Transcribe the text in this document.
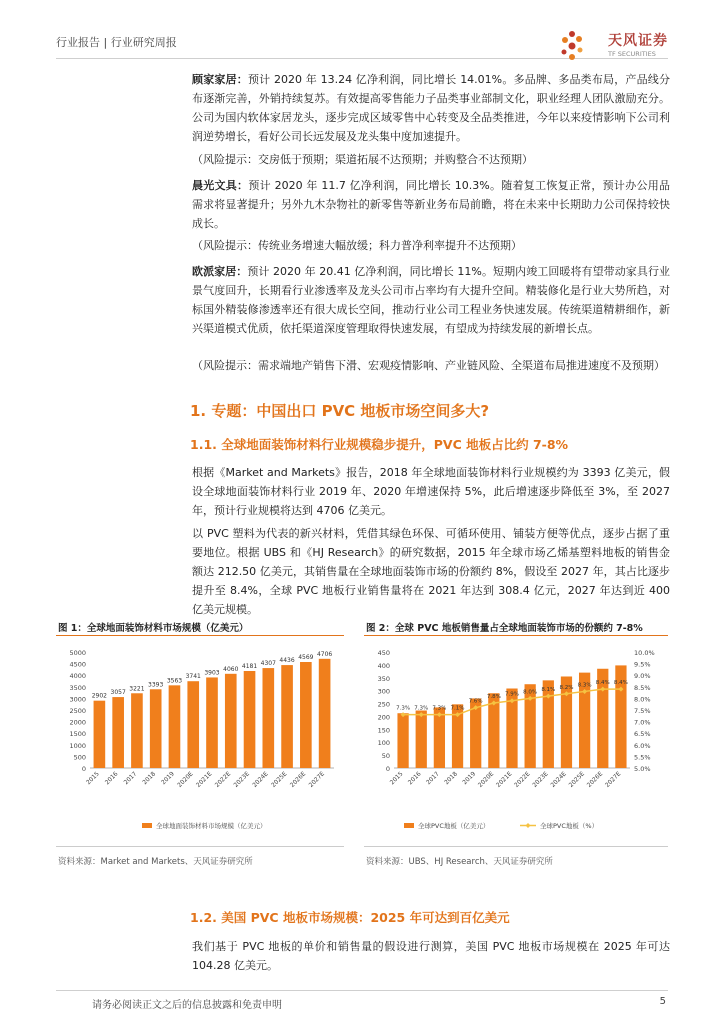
行业报告 | 行业研究周报	天风证券
TF SECURITIES
顾家家居：预计 2020 年 13.24 亿净利润，同比增长 14.01%。多品牌、多品类布局，产品线分布逐渐完善，外销持续复苏。有效提高零售能力子品类事业部制文化，职业经理人团队激励充分。公司为国内软体家居龙头，逐步完成区域零售中心转变及全品类推进，今年以来疫情影响下公司利润逆势增长，看好公司长远发展及龙头集中度加速提升。
（风险提示：交房低于预期；渠道拓展不达预期；并购整合不达预期）
晨光文具：预计 2020 年 11.7 亿净利润，同比增长 10.3%。随着复工恢复正常，预计办公用品需求将显著提升；另外九木杂物社的新零售等新业务布局前瞻，将在未来中长期助力公司保持较快成长。
（风险提示：传统业务增速大幅放缓；科力普净利率提升不达预期）
欧派家居：预计 2020 年 20.41 亿净利润，同比增长 11%。短期内竣工回暖将有望带动家具行业景气度回升，长期看行业渗透率及龙头公司市占率均有大提升空间。精装修化是行业大势所趋，对标国外精装修渗透率还有很大成长空间，推动行业公司工程业务快速发展。传统渠道精耕细作，新兴渠道模式优质，依托渠道深度管理取得快速发展，有望成为持续发展的新增长点。
（风险提示：需求端地产销售下滑、宏观疫情影响、产业链风险、全渠道布局推进速度不及预期）
1. 专题：中国出口 PVC 地板市场空间多大?
1.1. 全球地面装饰材料行业规模稳步提升，PVC 地板占比约 7-8%
根据《Market and Markets》报告，2018 年全球地面装饰材料行业规模约为 3393 亿美元，假设全球地面装饰材料行业 2019 年、2020 年增速保持 5%，此后增速逐步降低至 3%，至 2027 年，预计行业规模将达到 4706 亿美元。
以 PVC 塑料为代表的新兴材料，凭借其绿色环保、可循环使用、铺装方便等优点，逐步占据了重要地位。根据 UBS 和《HJ Research》的研究数据，2015 年全球市场乙烯基塑料地板的销售金额达 212.50 亿美元，其销售量在全球地面装饰市场的份额约 8%，假设至 2027 年，其占比逐步提升至 8.4%，全球 PVC 地板行业销售量将在 2021 年达到 308.4 亿元，2027 年达到近 400 亿美元规模。
图 1：全球地面装饰材料市场规模（亿美元）	图 2：全球 PVC 地板销售量占全球地面装饰市场的份额约 7-8%
0
500
1000
1500
2000
2500
3000
3500
4000
4500
5000
2902
2015
3057
2016
3221
2017
3393
2018
3563
2019
3741
2020E
3903
2021E
4060
2022E
4181
2023E
4307
2024E
4436
2025E
4569
2026E
4706
2027E
全球地面装饰材料市场规模（亿美元）
0
50
100
150
200
250
300
350
400
450
5.0%
5.5%
6.0%
6.5%
7.0%
7.5%
8.0%
8.5%
9.0%
9.5%
10.0%
2015 2016 2017 2018 2019 2020E 2021E 2022E 2023E 2024E 2025E 2026E 2027E
7.3% 7.3% 7.3% 7.1%
7.6%
7.8% 7.9% 8.0% 8.1% 8.2% 8.3% 8.4% 8.4%
全球PVC地板（亿美元）	全球PVC地板（%）
资料来源：Market and Markets、天风证券研究所	资料来源：UBS、HJ Research、天风证券研究所
1.2. 美国 PVC 地板市场规模：2025 年可达到百亿美元
我们基于 PVC 地板的单价和销售量的假设进行测算，美国 PVC 地板市场规模在 2025 年可达 104.28 亿美元。
请务必阅读正文之后的信息披露和免责申明	5
